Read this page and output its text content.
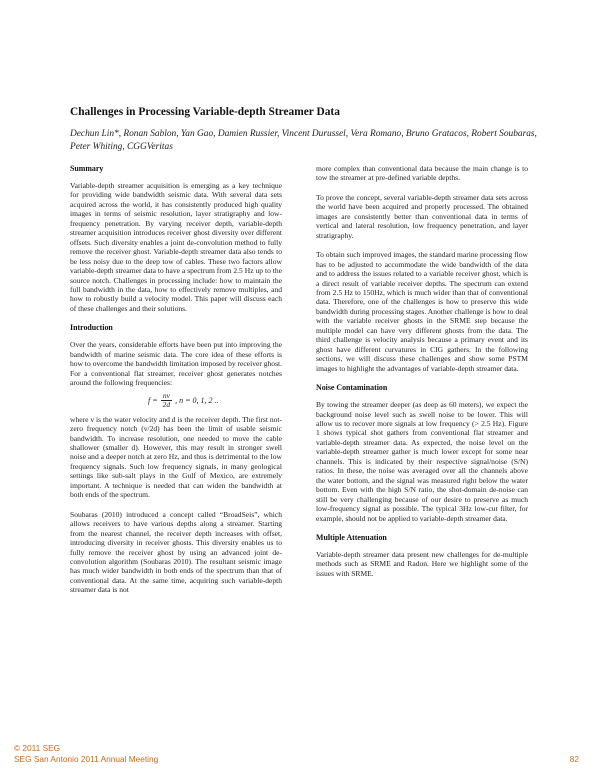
Challenges in Processing Variable-depth Streamer Data
Dechun Lin*, Ronan Sablon, Yan Gao, Damien Russier, Vincent Durussel, Vera Romano, Bruno Gratacos, Robert Soubaras, Peter Whiting, CGGVeritas
Summary

Variable-depth streamer acquisition is emerging as a key technique for providing wide bandwidth seismic data. With several data sets acquired across the world, it has consistently produced high quality images in terms of seismic resolution, layer stratigraphy and low-frequency penetration. By varying receiver depth, variable-depth streamer acquisition introduces receiver ghost diversity over different offsets. Such diversity enables a joint de-convolution method to fully remove the receiver ghost. Variable-depth streamer data also tends to be less noisy due to the deep tow of cables. These two factors allow variable-depth streamer data to have a spectrum from 2.5 Hz up to the source notch. Challenges in processing include: how to maintain the full bandwidth in the data, how to effectively remove multiples, and how to robustly build a velocity model. This paper will discuss each of these challenges and their solutions.

Introduction

Over the years, considerable efforts have been put into improving the bandwidth of marine seismic data. The core idea of these efforts is how to overcome the bandwidth limitation imposed by receiver ghost. For a conventional flat streamer, receiver ghost generates notches around the following frequencies:

$f = \frac{nv}{2d}$ , n = 0, 1, 2 ..

where v is the water velocity and d is the receiver depth. The first not-zero frequency notch (v/2d) has been the limit of usable seismic bandwidth. To increase resolution, one needed to move the cable shallower (smaller d). However, this may result in stronger swell noise and a deeper notch at zero Hz, and thus is detrimental to the low frequency signals. Such low frequency signals, in many geological settings like sub-salt plays in the Gulf of Mexico, are extremely important. A technique is needed that can widen the bandwidth at both ends of the spectrum.

Soubaras (2010) introduced a concept called “BroadSeis”, which allows receivers to have various depths along a streamer. Starting from the nearest channel, the receiver depth increases with offset, introducing diversity in receiver ghosts. This diversity enables us to fully remove the receiver ghost by using an advanced joint de-convolution algorithm (Soubaras 2010). The resultant seismic image has much wider bandwidth in both ends of the spectrum than that of conventional data. At the same time, acquiring such variable-depth streamer data is not

more complex than conventional data because the main change is to tow the streamer at pre-defined variable depths.

To prove the concept, several variable-depth streamer data sets across the world have been acquired and properly processed. The obtained images are consistently better than conventional data in terms of vertical and lateral resolution, low frequency penetration, and layer stratigraphy.

To obtain such improved images, the standard marine processing flow has to be adjusted to accommodate the wide bandwidth of the data and to address the issues related to a variable receiver ghost, which is a direct result of variable receiver depths. The spectrum can extend from 2.5 Hz to 150Hz, which is much wider than that of conventional data. Therefore, one of the challenges is how to preserve this wide bandwidth during processing stages. Another challenge is how to deal with the variable receiver ghosts in the SRME step because the multiple model can have very different ghosts from the data. The third challenge is velocity analysis because a primary event and its ghost have different curvatures in CIG gathers. In the following sections, we will discuss these challenges and show some PSTM images to highlight the advantages of variable-depth streamer data.

Noise Contamination

By towing the streamer deeper (as deep as 60 meters), we expect the background noise level such as swell noise to be lower. This will allow us to recover more signals at low frequency (> 2.5 Hz). Figure 1 shows typical shot gathers from conventional flat streamer and variable-depth streamer data. As expected, the noise level on the variable-depth streamer gather is much lower except for some near channels. This is indicated by their respective signal/noise (S/N) ratios. In these, the noise was averaged over all the channels above the water bottom, and the signal was measured right below the water bottom. Even with the high S/N ratio, the shot-domain de-noise can still be very challenging because of our desire to preserve as much low-frequency signal as possible. The typical 3Hz low-cut filter, for example, should not be applied to variable-depth streamer data.

Multiple Attenuation

Variable-depth streamer data present new challenges for de-multiple methods such as SRME and Radon. Here we highlight some of the issues with SRME.

© 2011 SEG
SEG San Antonio 2011 Annual Meeting	82
